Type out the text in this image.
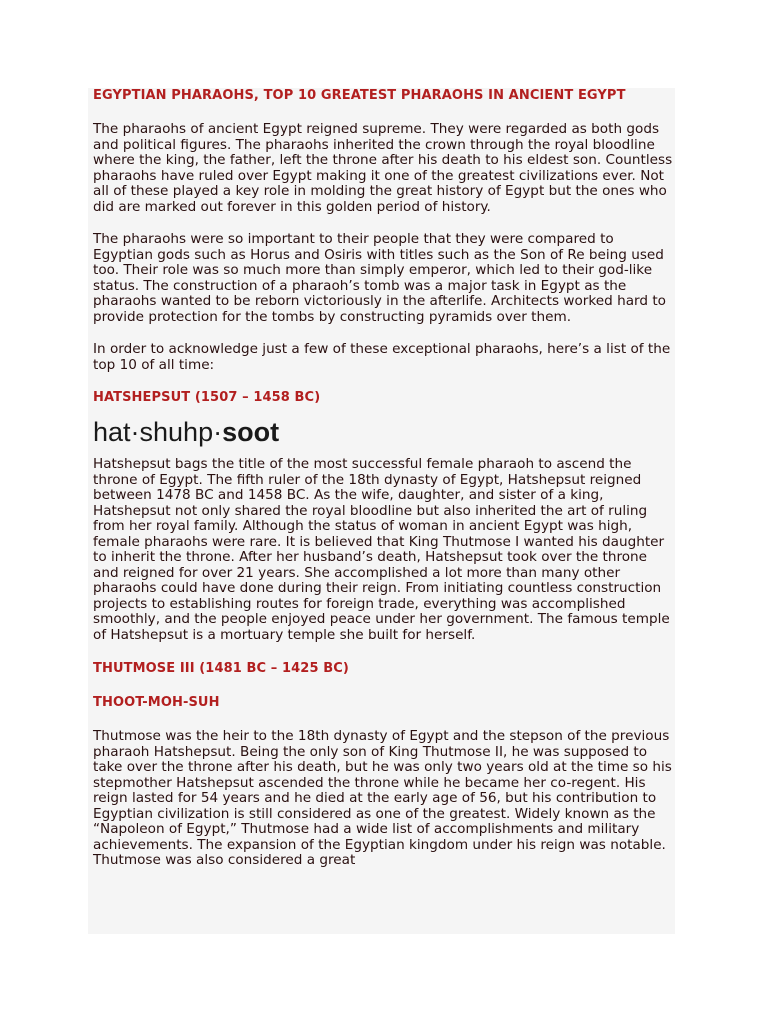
EGYPTIAN PHARAOHS, TOP 10 GREATEST PHARAOHS IN ANCIENT EGYPT

The pharaohs of ancient Egypt reigned supreme. They were regarded as both gods and political figures. The pharaohs inherited the crown through the royal bloodline where the king, the father, left the throne after his death to his eldest son. Countless pharaohs have ruled over Egypt making it one of the greatest civilizations ever. Not all of these played a key role in molding the great history of Egypt but the ones who did are marked out forever in this golden period of history.

The pharaohs were so important to their people that they were compared to Egyptian gods such as Horus and Osiris with titles such as the Son of Re being used too. Their role was so much more than simply emperor, which led to their god-like status. The construction of a pharaoh’s tomb was a major task in Egypt as the pharaohs wanted to be reborn victoriously in the afterlife. Architects worked hard to provide protection for the tombs by constructing pyramids over them.

In order to acknowledge just a few of these exceptional pharaohs, here’s a list of the top 10 of all time:

HATSHEPSUT (1507 – 1458 BC)

hat·shuhp·soot

Hatshepsut bags the title of the most successful female pharaoh to ascend the throne of Egypt. The fifth ruler of the 18th dynasty of Egypt, Hatshepsut reigned between 1478 BC and 1458 BC. As the wife, daughter, and sister of a king, Hatshepsut not only shared the royal bloodline but also inherited the art of ruling from her royal family. Although the status of woman in ancient Egypt was high, female pharaohs were rare. It is believed that King Thutmose I wanted his daughter to inherit the throne. After her husband’s death, Hatshepsut took over the throne and reigned for over 21 years. She accomplished a lot more than many other pharaohs could have done during their reign. From initiating countless construction projects to establishing routes for foreign trade, everything was accomplished smoothly, and the people enjoyed peace under her government. The famous temple of Hatshepsut is a mortuary temple she built for herself.

THUTMOSE III (1481 BC – 1425 BC)
THOOT-MOH-SUH

Thutmose was the heir to the 18th dynasty of Egypt and the stepson of the previous pharaoh Hatshepsut. Being the only son of King Thutmose II, he was supposed to take over the throne after his death, but he was only two years old at the time so his stepmother Hatshepsut ascended the throne while he became her co-regent. His reign lasted for 54 years and he died at the early age of 56, but his contribution to Egyptian civilization is still considered as one of the greatest. Widely known as the “Napoleon of Egypt,” Thutmose had a wide list of accomplishments and military achievements. The expansion of the Egyptian kingdom under his reign was notable. Thutmose was also considered a great
